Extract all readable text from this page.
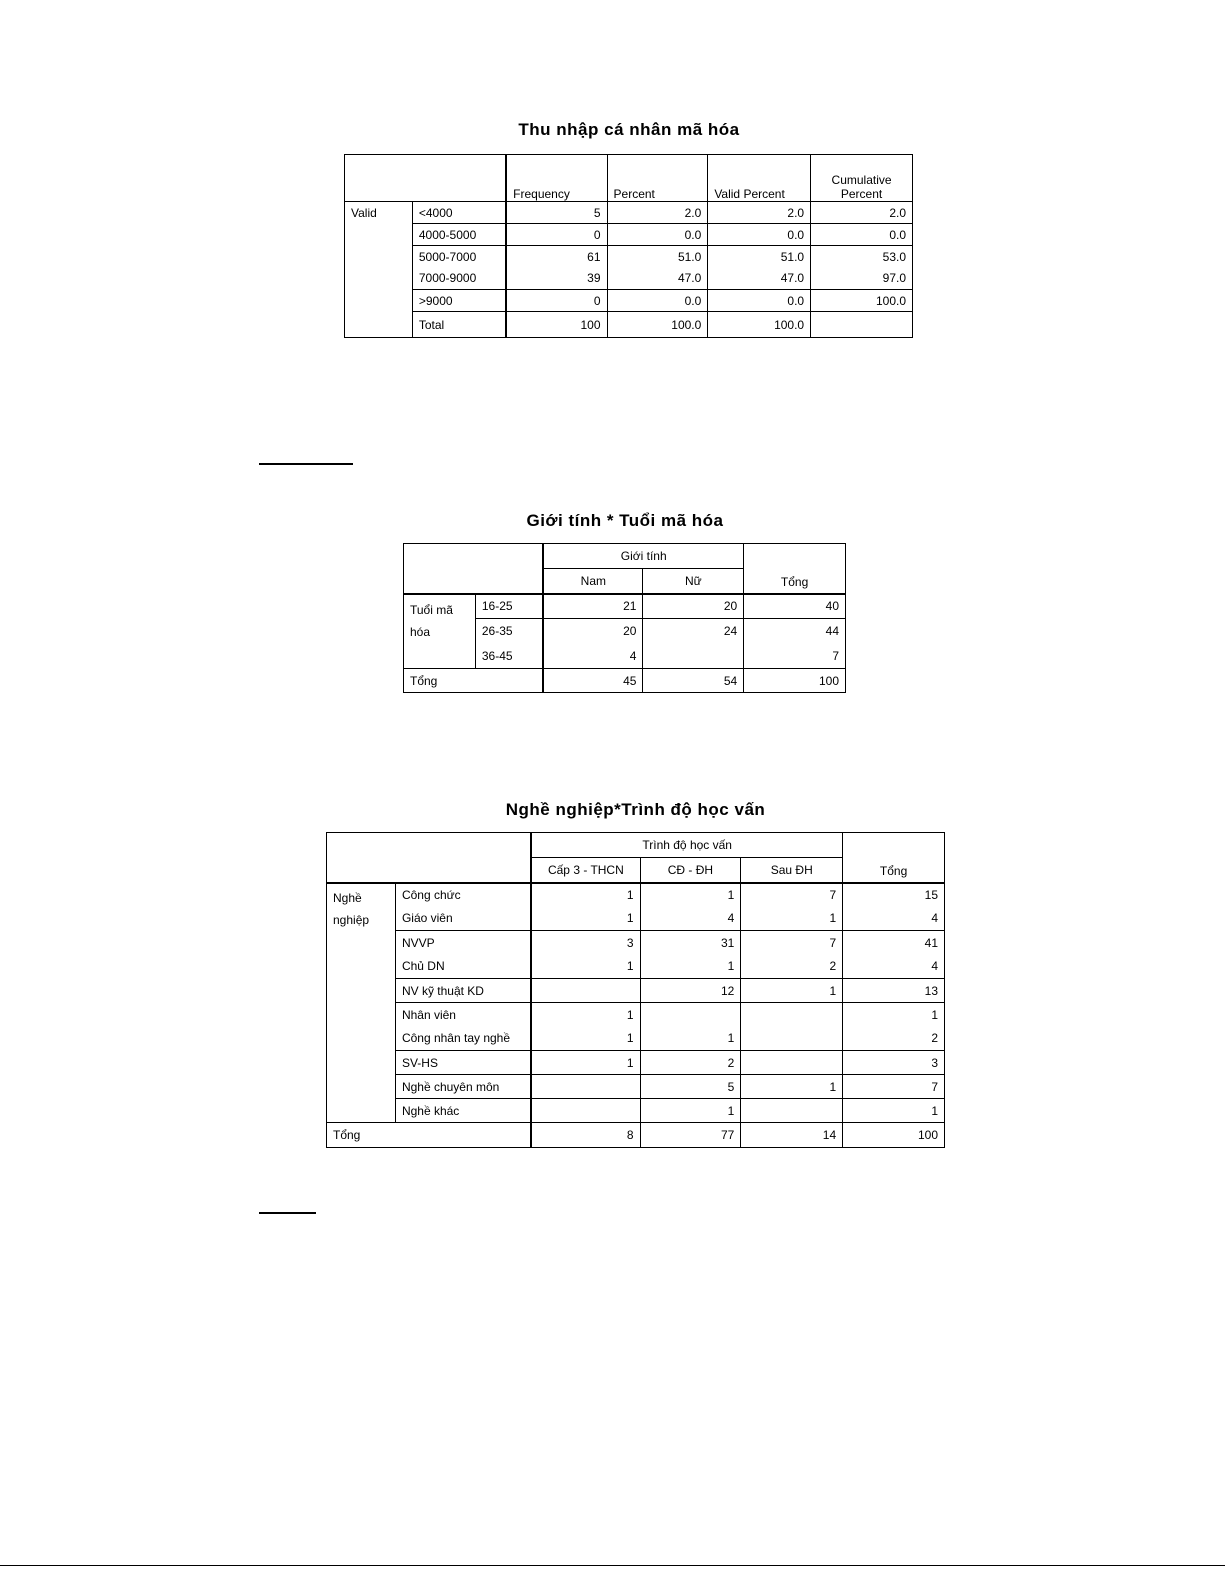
Thu nhập cá nhân mã hóa
		Frequency	Percent	Valid Percent	Cumulative Percent
Valid	<4000	5	2.0	2.0	2.0
	4000-5000	0	0.0	0.0	0.0
	5000-7000	61	51.0	51.0	53.0
	7000-9000	39	47.0	47.0	97.0
	>9000	0	0.0	0.0	100.0
	Total	100	100.0	100.0	
Giới tính * Tuổi mã hóa
		Giới tính		Tổng
		Nam	Nữ	
Tuổi mã hóa	16-25	21	20	40
	26-35	20	24	44
	36-45	4		7
Tổng		45	54	100
Nghề nghiệp*Trình độ học vấn
		Trình độ học vấn			Tổng
		Cấp 3 - THCN	CĐ - ĐH	Sau ĐH	
Nghề nghiệp	Công chức	1	1	7	15
	Giáo viên	1	4	1	4
	NVVP	3	31	7	41
	Chủ DN	1	1	2	4
	NV kỹ thuật KD		12	1	13
	Nhân viên	1			1
	Công nhân tay nghề	1	1		2
	SV-HS	1	2		3
	Nghề chuyên môn		5	1	7
	Nghề khác		1		1
Tổng		8	77	14	100
